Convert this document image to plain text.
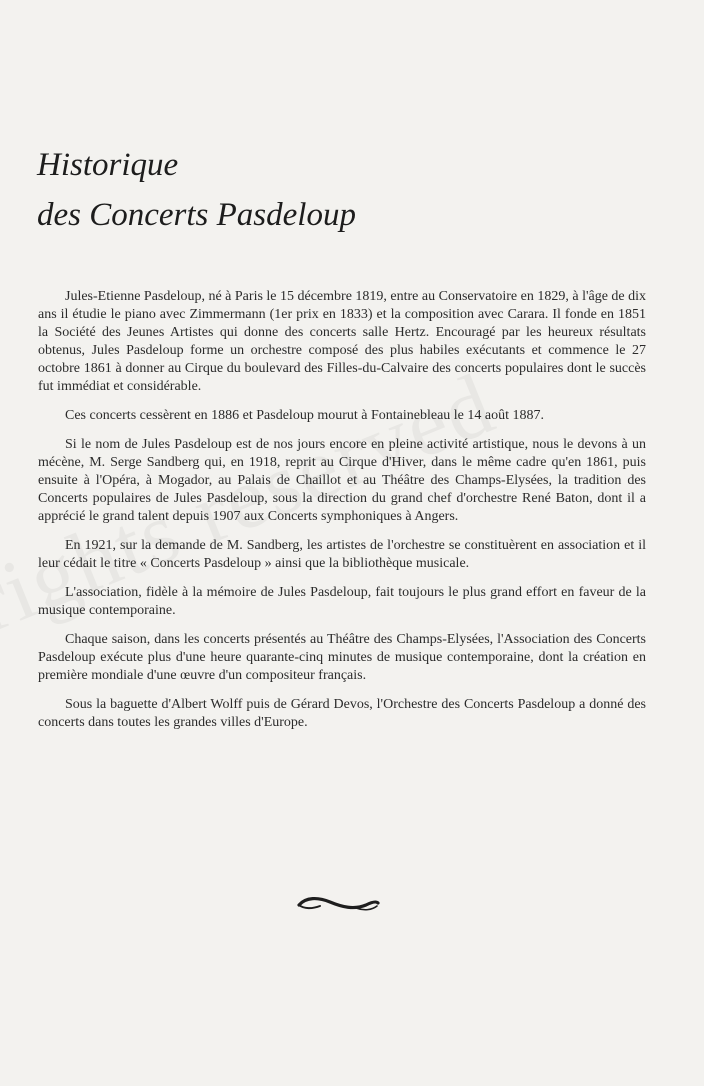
Historique
des Concerts Pasdeloup

Jules-Etienne Pasdeloup, né à Paris le 15 décembre 1819, entre au Conservatoire en 1829, à l'âge de dix ans il étudie le piano avec Zimmermann (1er prix en 1833) et la composition avec Carara. Il fonde en 1851 la Société des Jeunes Artistes qui donne des concerts salle Hertz. Encouragé par les heureux résultats obtenus, Jules Pasdeloup forme un orchestre composé des plus habiles exécutants et commence le 27 octobre 1861 à donner au Cirque du boulevard des Filles-du-Calvaire des concerts populaires dont le succès fut immédiat et considérable.

Ces concerts cessèrent en 1886 et Pasdeloup mourut à Fontainebleau le 14 août 1887.

Si le nom de Jules Pasdeloup est de nos jours encore en pleine activité artistique, nous le devons à un mécène, M. Serge Sandberg qui, en 1918, reprit au Cirque d'Hiver, dans le même cadre qu'en 1861, puis ensuite à l'Opéra, à Mogador, au Palais de Chaillot et au Théâtre des Champs-Elysées, la tradition des Concerts populaires de Jules Pasdeloup, sous la direction du grand chef d'orchestre René Baton, dont il a apprécié le grand talent depuis 1907 aux Concerts symphoniques à Angers.

En 1921, sur la demande de M. Sandberg, les artistes de l'orchestre se constituèrent en association et il leur cédait le titre « Concerts Pasdeloup » ainsi que la bibliothèque musicale.

L'association, fidèle à la mémoire de Jules Pasdeloup, fait toujours le plus grand effort en faveur de la musique contemporaine.

Chaque saison, dans les concerts présentés au Théâtre des Champs-Elysées, l'Association des Concerts Pasdeloup exécute plus d'une heure quarante-cinq minutes de musique contemporaine, dont la création en première mondiale d'une œuvre d'un compositeur français.

Sous la baguette d'Albert Wolff puis de Gérard Devos, l'Orchestre des Concerts Pasdeloup a donné des concerts dans toutes les grandes villes d'Europe.
